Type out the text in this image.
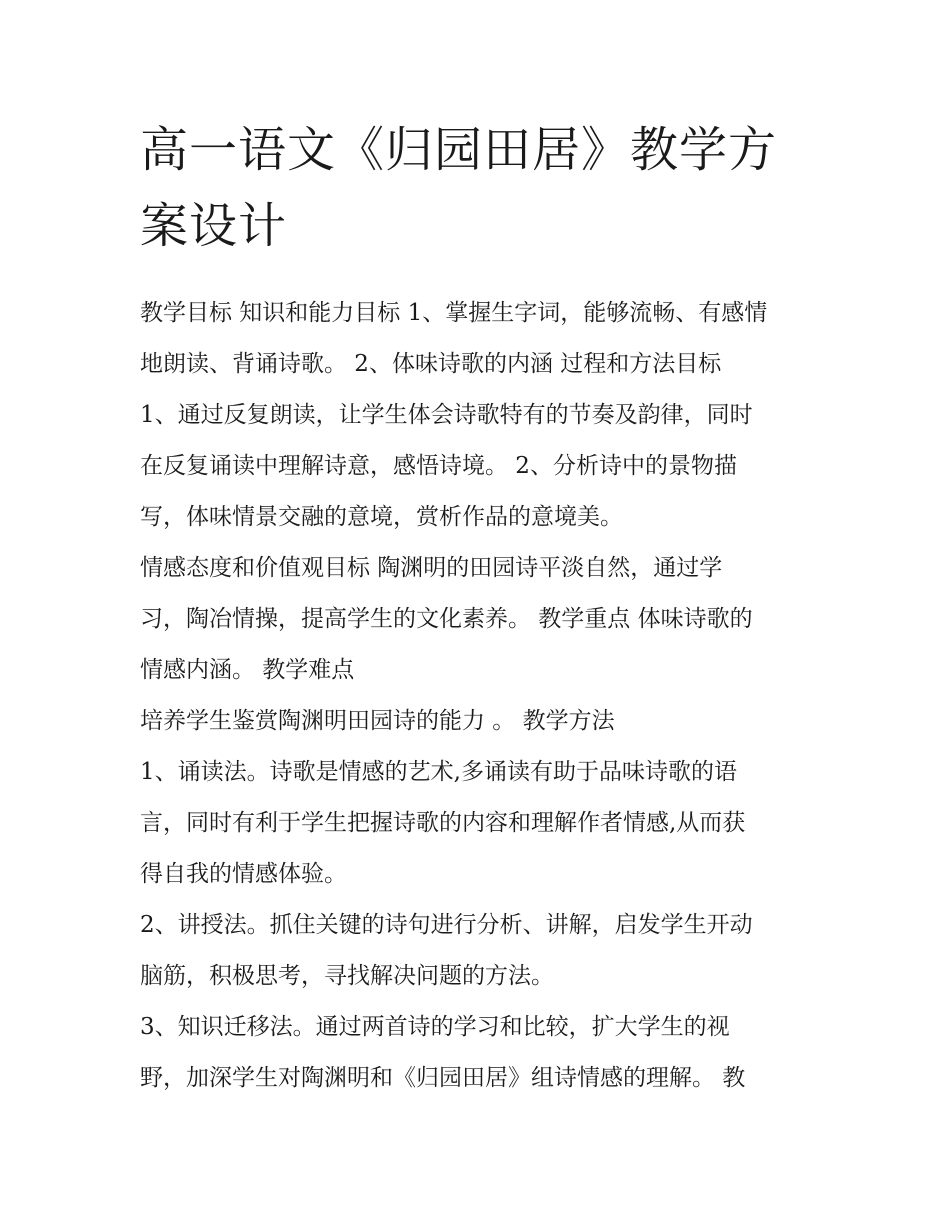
高一语文《归园田居》教学方
案设计
教学目标 知识和能力目标 1、掌握生字词，能够流畅、有感情
地朗读、背诵诗歌。 2、体味诗歌的内涵 过程和方法目标
1、通过反复朗读，让学生体会诗歌特有的节奏及韵律，同时
在反复诵读中理解诗意，感悟诗境。 2、分析诗中的景物描
写，体味情景交融的意境，赏析作品的意境美。
情感态度和价值观目标 陶渊明的田园诗平淡自然，通过学
习，陶冶情操，提高学生的文化素养。 教学重点 体味诗歌的
情感内涵。 教学难点
培养学生鉴赏陶渊明田园诗的能力 。 教学方法
1、诵读法。诗歌是情感的艺术,多诵读有助于品味诗歌的语
言，同时有利于学生把握诗歌的内容和理解作者情感,从而获
得自我的情感体验。
2、讲授法。抓住关键的诗句进行分析、讲解，启发学生开动
脑筋，积极思考，寻找解决问题的方法。
3、知识迁移法。通过两首诗的学习和比较，扩大学生的视
野，加深学生对陶渊明和《归园田居》组诗情感的理解。 教
